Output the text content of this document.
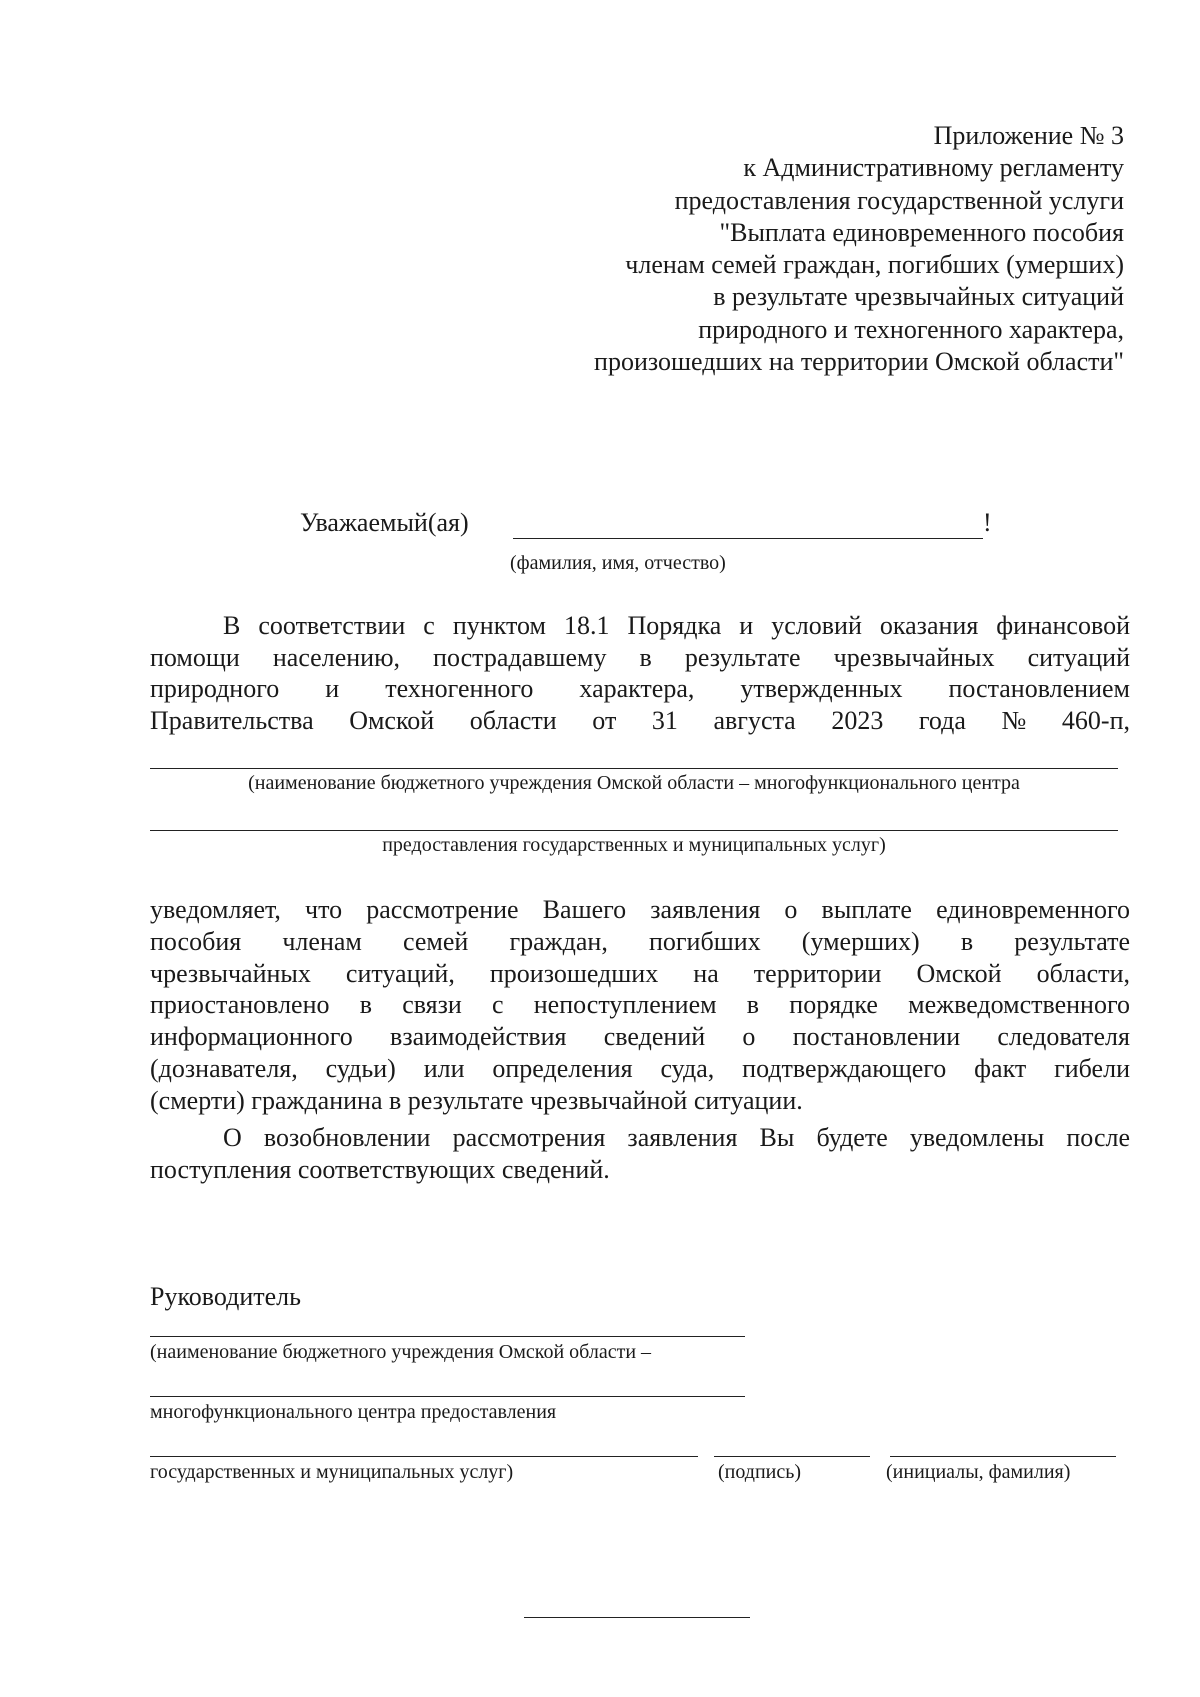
Приложение № 3
к Административному регламенту
предоставления государственной услуги
"Выплата единовременного пособия
членам семей граждан, погибших (умерших)
в результате чрезвычайных ситуаций
природного и техногенного характера,
произошедших на территории Омской области"
Уважаемый(ая)	!
(фамилия, имя, отчество)
В соответствии с пунктом 18.1 Порядка и условий оказания финансовой
помощи населению, пострадавшему в результате чрезвычайных ситуаций
природного и техногенного характера, утвержденных постановлением
Правительства Омской области от 31 августа 2023 года № 460-п,
(наименование бюджетного учреждения Омской области – многофункционального центра
предоставления государственных и муниципальных услуг)
уведомляет, что рассмотрение Вашего заявления о выплате единовременного
пособия членам семей граждан, погибших (умерших) в результате
чрезвычайных ситуаций, произошедших на территории Омской области,
приостановлено в связи с непоступлением в порядке межведомственного
информационного взаимодействия сведений о постановлении следователя
(дознавателя, судьи) или определения суда, подтверждающего факт гибели
(смерти) гражданина в результате чрезвычайной ситуации.
О возобновлении рассмотрения заявления Вы будете уведомлены после
поступления соответствующих сведений.
Руководитель
(наименование бюджетного учреждения Омской области –
многофункционального центра предоставления
государственных и муниципальных услуг)	(подпись)	(инициалы, фамилия)
